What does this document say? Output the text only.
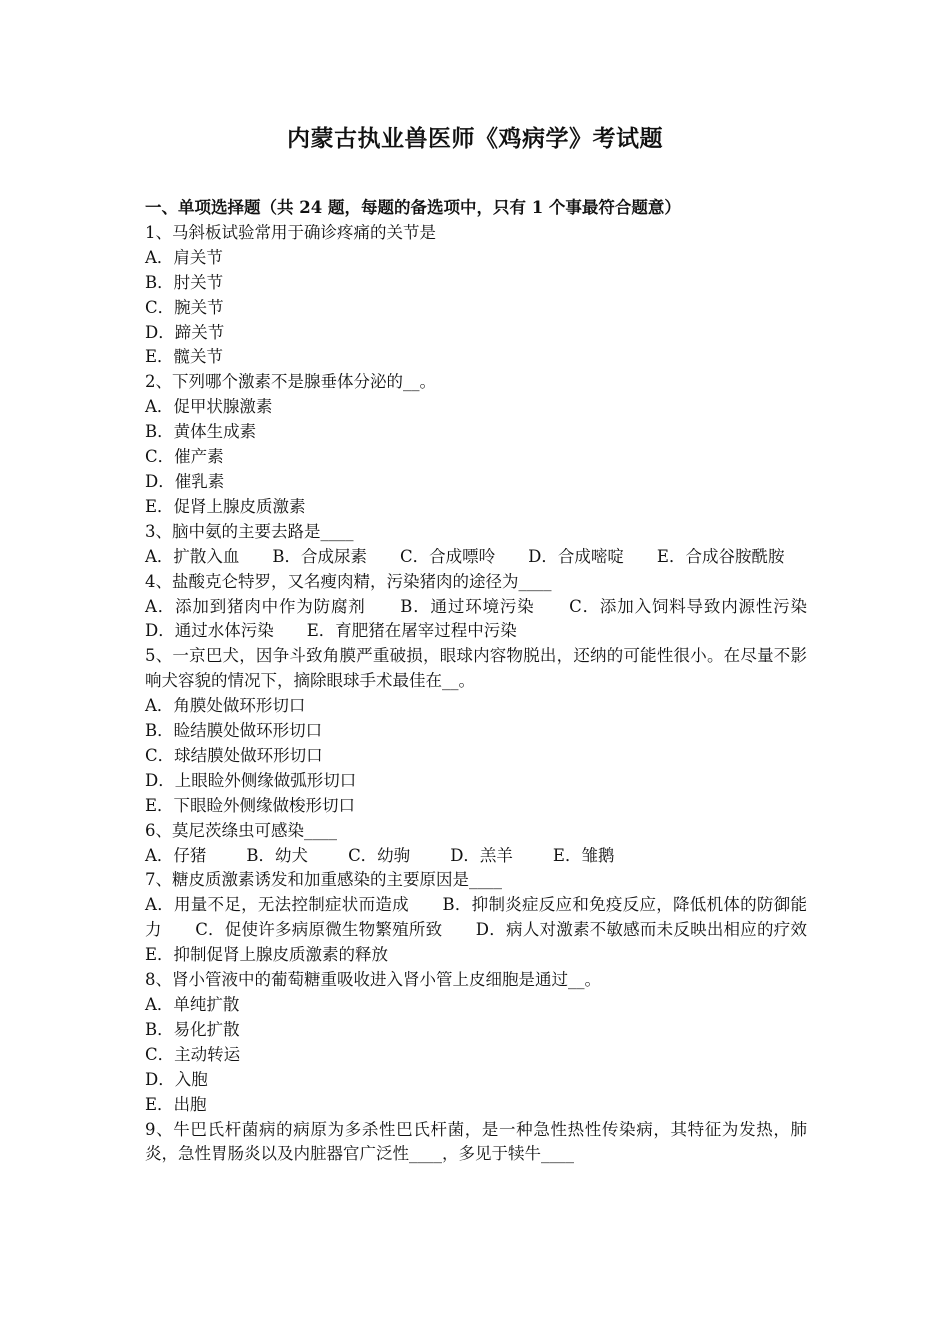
内蒙古执业兽医师《鸡病学》考试题
一、单项选择题（共 24 题，每题的备选项中，只有 1 个事最符合题意）
1、马斜板试验常用于确诊疼痛的关节是
A．肩关节
B．肘关节
C．腕关节
D．蹄关节
E．髋关节
2、下列哪个激素不是腺垂体分泌的__。
A．促甲状腺激素
B．黄体生成素
C．催产素
D．催乳素
E．促肾上腺皮质激素
3、脑中氨的主要去路是____
A．扩散入血　　B．合成尿素　　C．合成嘌呤　　D．合成嘧啶　　E．合成谷胺酰胺
4、盐酸克仑特罗，又名瘦肉精，污染猪肉的途径为____
A．添加到猪肉中作为防腐剂　　B．通过环境污染　　C．添加入饲料导致内源性污染　　D．通过水体污染　　E．育肥猪在屠宰过程中污染
5、一京巴犬，因争斗致角膜严重破损，眼球内容物脱出，还纳的可能性很小。在尽量不影响犬容貌的情况下，摘除眼球手术最佳在__。
A．角膜处做环形切口
B．睑结膜处做环形切口
C．球结膜处做环形切口
D．上眼睑外侧缘做弧形切口
E．下眼睑外侧缘做梭形切口
6、莫尼茨绦虫可感染____
A．仔猪 B．幼犬 C．幼驹 D．羔羊 E．雏鹅
7、糖皮质激素诱发和加重感染的主要原因是____
A．用量不足，无法控制症状而造成　　B．抑制炎症反应和免疫反应，降低机体的防御能力　　C．促使许多病原微生物繁殖所致　　D．病人对激素不敏感而未反映出相应的疗效　　E．抑制促肾上腺皮质激素的释放
8、肾小管液中的葡萄糖重吸收进入肾小管上皮细胞是通过__。
A．单纯扩散
B．易化扩散
C．主动转运
D．入胞
E．出胞
9、牛巴氏杆菌病的病原为多杀性巴氏杆菌，是一种急性热性传染病，其特征为发热，肺炎，急性胃肠炎以及内脏器官广泛性____，多见于犊牛____
